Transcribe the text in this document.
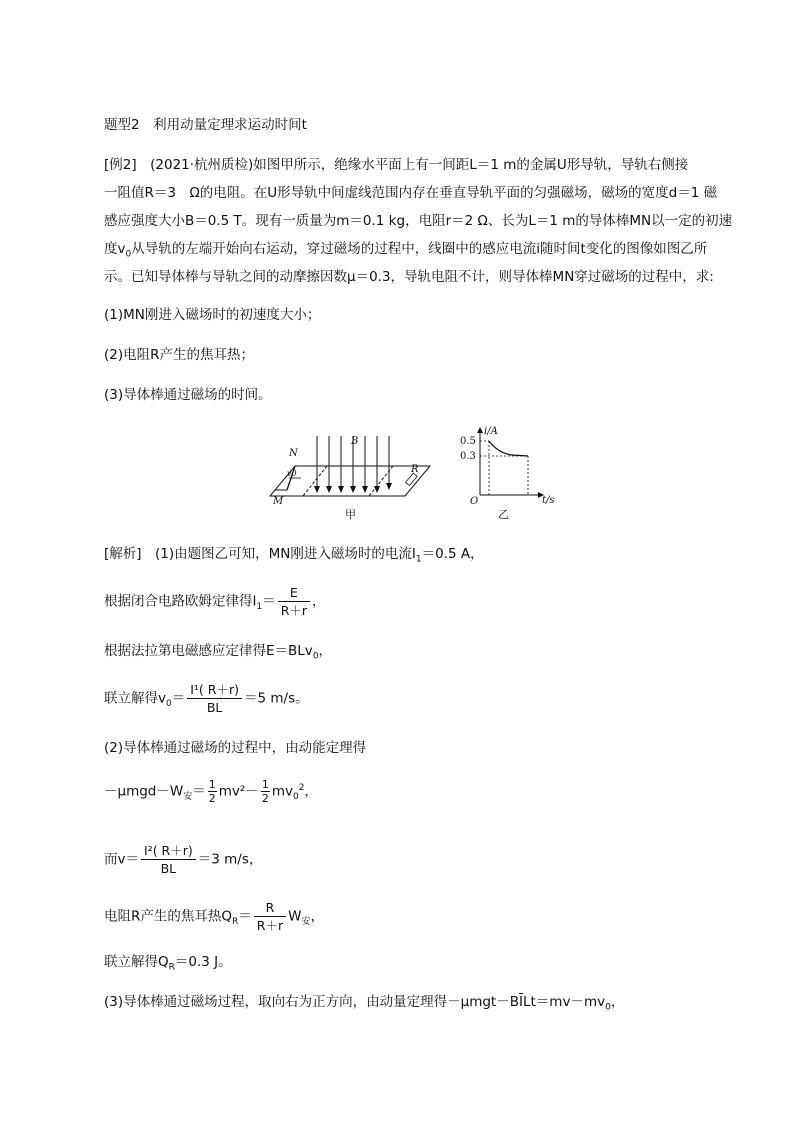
题型2　利用动量定理求运动时间t
[例2]　(2021·杭州质检)如图甲所示，绝缘水平面上有一间距L＝1 m的金属U形导轨，导轨右侧接
一阻值R＝3　Ω的电阻。在U形导轨中间虚线范围内存在垂直导轨平面的匀强磁场，磁场的宽度d＝1 磁
感应强度大小B＝0.5 T。现有一质量为m＝0.1 kg，电阻r＝2 Ω、长为L＝1 m的导体棒MN以一定的初速
度$v_0$从导轨的左端开始向右运动，穿过磁场的过程中，线圈中的感应电流i随时间t变化的图像如图乙所
示。已知导体棒与导轨之间的动摩擦因数μ＝0.3，导轨电阻不计，则导体棒MN穿过磁场的过程中，求:
(1)MN刚进入磁场时的初速度大小；
(2)电阻R产生的焦耳热；
(3)导体棒通过磁场的时间。
N
M
B
R
v0
甲
i/A
t/s
O
0.5
0.3
乙
[解析]　(1)由题图乙可知，MN刚进入磁场时的电流$I_1=0.5$ A，
根据闭合电路欧姆定律得$I_1= \frac{E}{R+r}$ ，
根据法拉第电磁感应定律得E＝BLv$_0$，
联立解得$v_0= \frac{\text{I¹( R＋r)}}{BL} =5$ m/s。
(2)导体棒通过磁场的过程中，由动能定理得
$-\mu mgd-W_安= \frac{1}{2} mv^2- \frac{1}{2} mv_0^2$，
而$v= \frac{\text{I²( R＋r)}}{BL} =3$ m/s，
电阻R产生的焦耳热$Q_R= \frac{R}{R+r} W_安$，
联立解得$Q_R=0.3$ J。
(3)导体棒通过磁场过程，取向右为正方向，由动量定理得$-\mu mgt-B\overline{I}Lt=mv-mv_0$，
